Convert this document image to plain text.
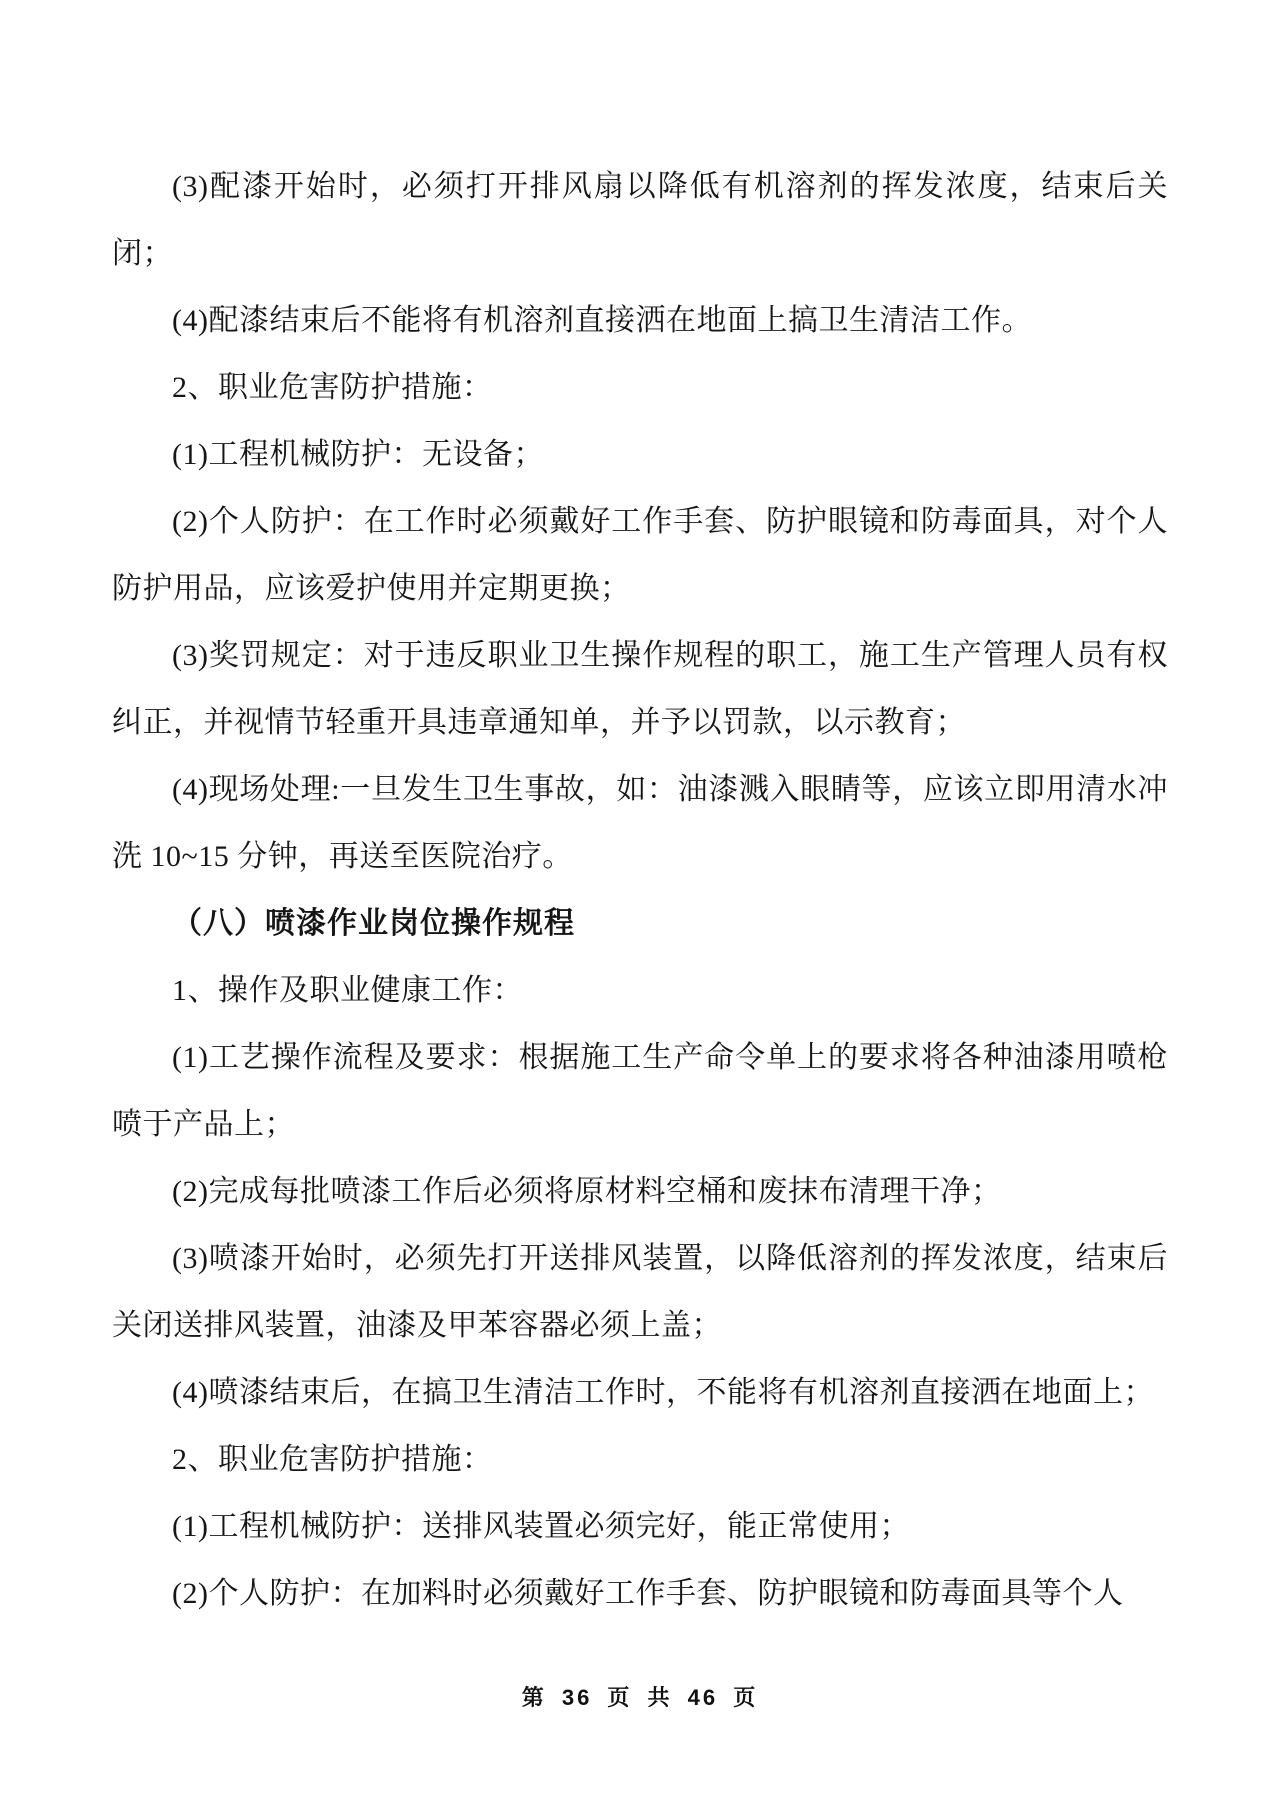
(3)配漆开始时，必须打开排风扇以降低有机溶剂的挥发浓度，结束后关闭；

(4)配漆结束后不能将有机溶剂直接洒在地面上搞卫生清洁工作。

2、职业危害防护措施：

(1)工程机械防护：无设备；

(2)个人防护：在工作时必须戴好工作手套、防护眼镜和防毒面具，对个人防护用品，应该爱护使用并定期更换；

(3)奖罚规定：对于违反职业卫生操作规程的职工，施工生产管理人员有权纠正，并视情节轻重开具违章通知单，并予以罚款，以示教育；

(4)现场处理:一旦发生卫生事故，如：油漆溅入眼睛等，应该立即用清水冲洗 10~15 分钟，再送至医院治疗。

（八）喷漆作业岗位操作规程

1、操作及职业健康工作：

(1)工艺操作流程及要求：根据施工生产命令单上的要求将各种油漆用喷枪喷于产品上；

(2)完成每批喷漆工作后必须将原材料空桶和废抹布清理干净；

(3)喷漆开始时，必须先打开送排风装置，以降低溶剂的挥发浓度，结束后关闭送排风装置，油漆及甲苯容器必须上盖；

(4)喷漆结束后，在搞卫生清洁工作时，不能将有机溶剂直接洒在地面上；

2、职业危害防护措施：

(1)工程机械防护：送排风装置必须完好，能正常使用；

(2)个人防护：在加料时必须戴好工作手套、防护眼镜和防毒面具等个人

第 36 页 共 46 页
